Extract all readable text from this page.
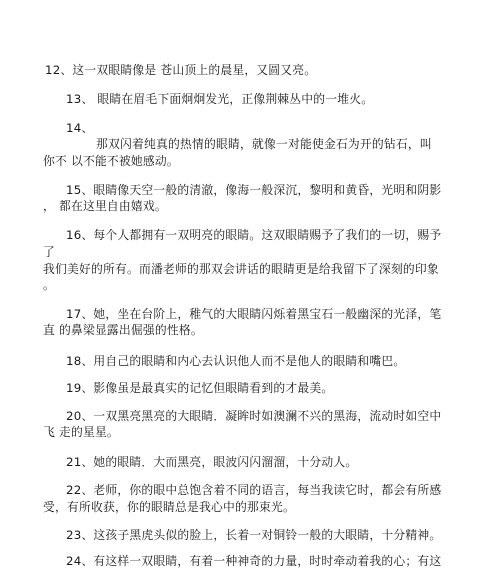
12、这一双眼睛像是 苍山顶上的晨星，又圆又亮。
13、 眼睛在眉毛下面炯炯发光，正像荆棘丛中的一堆火。
14、
那双闪着纯真的热情的眼睛，就像一对能使金石为开的钻石，叫
你不 以不能不被她感动。
15、眼睛像天空一般的清澈，像海一般深沉，黎明和黄昏，光明和阴影
， 都在这里自由嬉戏。
16、每个人都拥有一双明亮的眼睛。这双眼睛赐予了我们的一切，赐予
了
我们美好的所有。而潘老师的那双会讲话的眼睛更是给我留下了深刻的印象
。
17、她，坐在台阶上，稚气的大眼睛闪烁着黑宝石一般幽深的光泽，笔
直 的鼻梁显露出倔强的性格。
18、用自己的眼睛和内心去认识他人而不是他人的眼睛和嘴巴。
19、影像虽是最真实的记忆但眼睛看到的才最美。
20、一双黑亮黑亮的大眼睛．凝眸时如澳澜不兴的黑海，流动时如空中
飞 走的星星。
21、她的眼睛．大而黑亮，眼波闪闪溜溜，十分动人。
22、老师，你的眼中总饱含着不同的语言，每当我读它时，都会有所感
受，有所收获，你的眼睛总是我心中的那束光。
23、这孩子黑虎头似的脸上，长着一对铜铃一般的大眼睛，十分精神。
24、有这样一双眼睛，有着一种神奇的力量，时时牵动着我的心；有这
